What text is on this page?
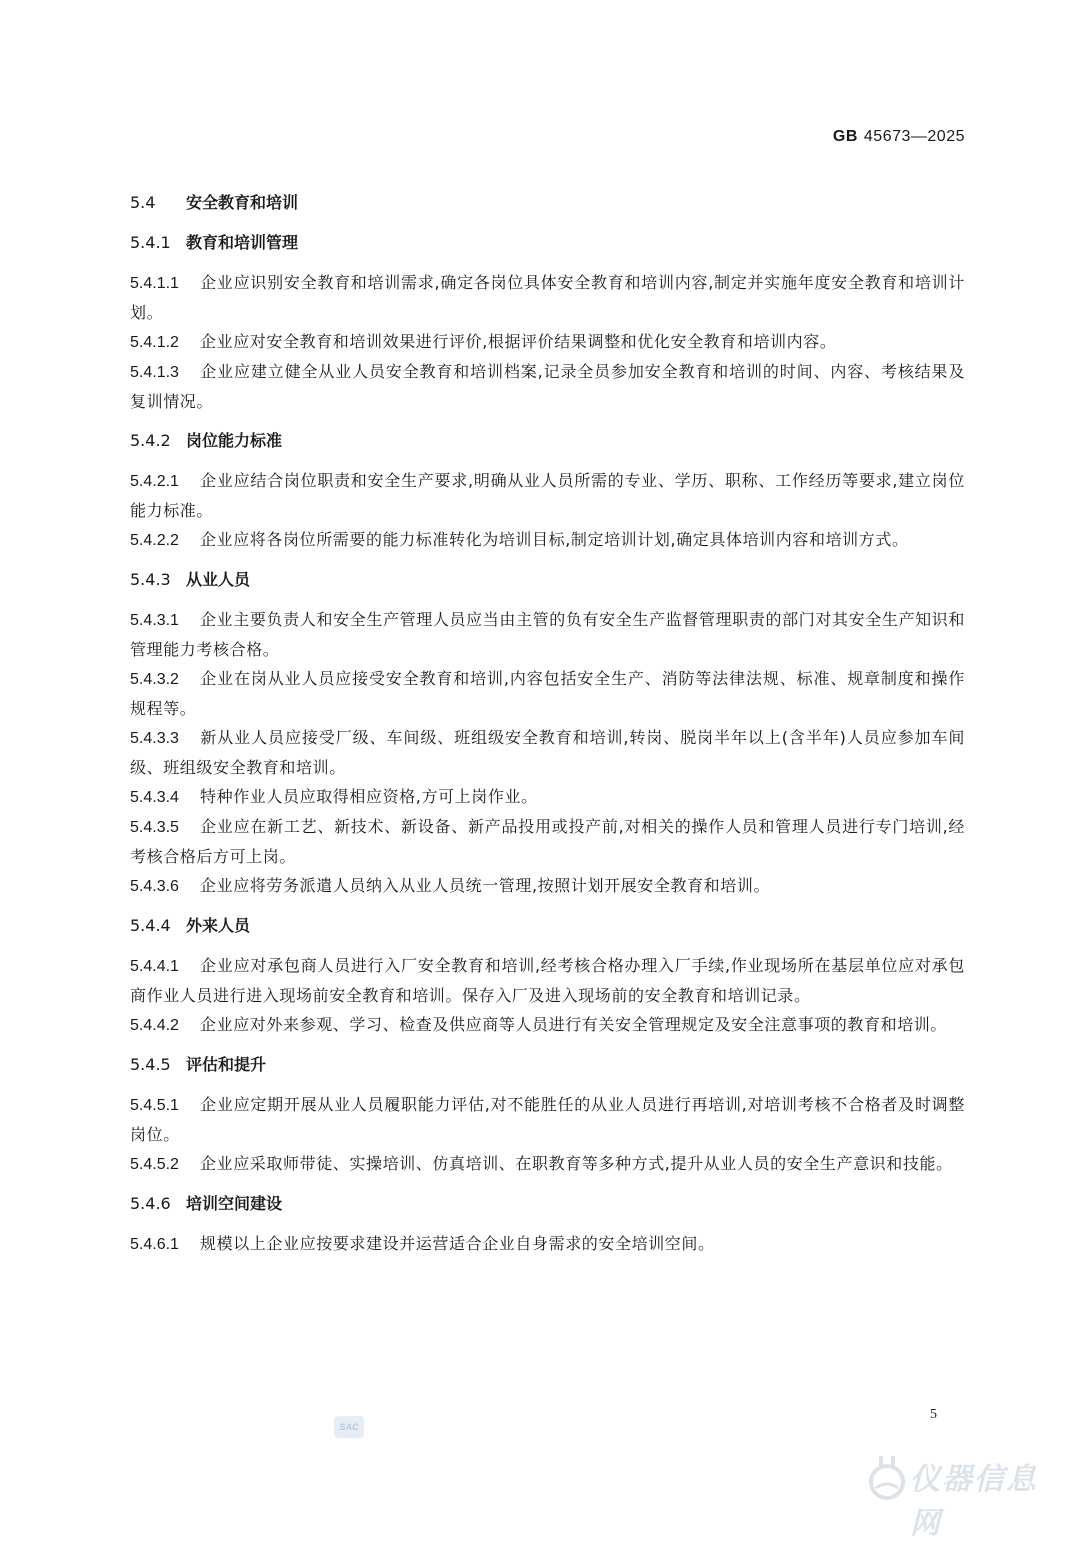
GB 45673—2025
5.4 安全教育和培训
5.4.1 教育和培训管理
5.4.1.1 企业应识别安全教育和培训需求,确定各岗位具体安全教育和培训内容,制定并实施年度安全教育和培训计划。
5.4.1.2 企业应对安全教育和培训效果进行评价,根据评价结果调整和优化安全教育和培训内容。
5.4.1.3 企业应建立健全从业人员安全教育和培训档案,记录全员参加安全教育和培训的时间、内容、考核结果及复训情况。
5.4.2 岗位能力标准
5.4.2.1 企业应结合岗位职责和安全生产要求,明确从业人员所需的专业、学历、职称、工作经历等要求,建立岗位能力标准。
5.4.2.2 企业应将各岗位所需要的能力标准转化为培训目标,制定培训计划,确定具体培训内容和培训方式。
5.4.3 从业人员
5.4.3.1 企业主要负责人和安全生产管理人员应当由主管的负有安全生产监督管理职责的部门对其安全生产知识和管理能力考核合格。
5.4.3.2 企业在岗从业人员应接受安全教育和培训,内容包括安全生产、消防等法律法规、标准、规章制度和操作规程等。
5.4.3.3 新从业人员应接受厂级、车间级、班组级安全教育和培训,转岗、脱岗半年以上(含半年)人员应参加车间级、班组级安全教育和培训。
5.4.3.4 特种作业人员应取得相应资格,方可上岗作业。
5.4.3.5 企业应在新工艺、新技术、新设备、新产品投用或投产前,对相关的操作人员和管理人员进行专门培训,经考核合格后方可上岗。
5.4.3.6 企业应将劳务派遣人员纳入从业人员统一管理,按照计划开展安全教育和培训。
5.4.4 外来人员
5.4.4.1 企业应对承包商人员进行入厂安全教育和培训,经考核合格办理入厂手续,作业现场所在基层单位应对承包商作业人员进行进入现场前安全教育和培训。保存入厂及进入现场前的安全教育和培训记录。
5.4.4.2 企业应对外来参观、学习、检查及供应商等人员进行有关安全管理规定及安全注意事项的教育和培训。
5.4.5 评估和提升
5.4.5.1 企业应定期开展从业人员履职能力评估,对不能胜任的从业人员进行再培训,对培训考核不合格者及时调整岗位。
5.4.5.2 企业应采取师带徒、实操培训、仿真培训、在职教育等多种方式,提升从业人员的安全生产意识和技能。
5.4.6 培训空间建设
5.4.6.1 规模以上企业应按要求建设并运营适合企业自身需求的安全培训空间。
SAC
5
仪器信息网
